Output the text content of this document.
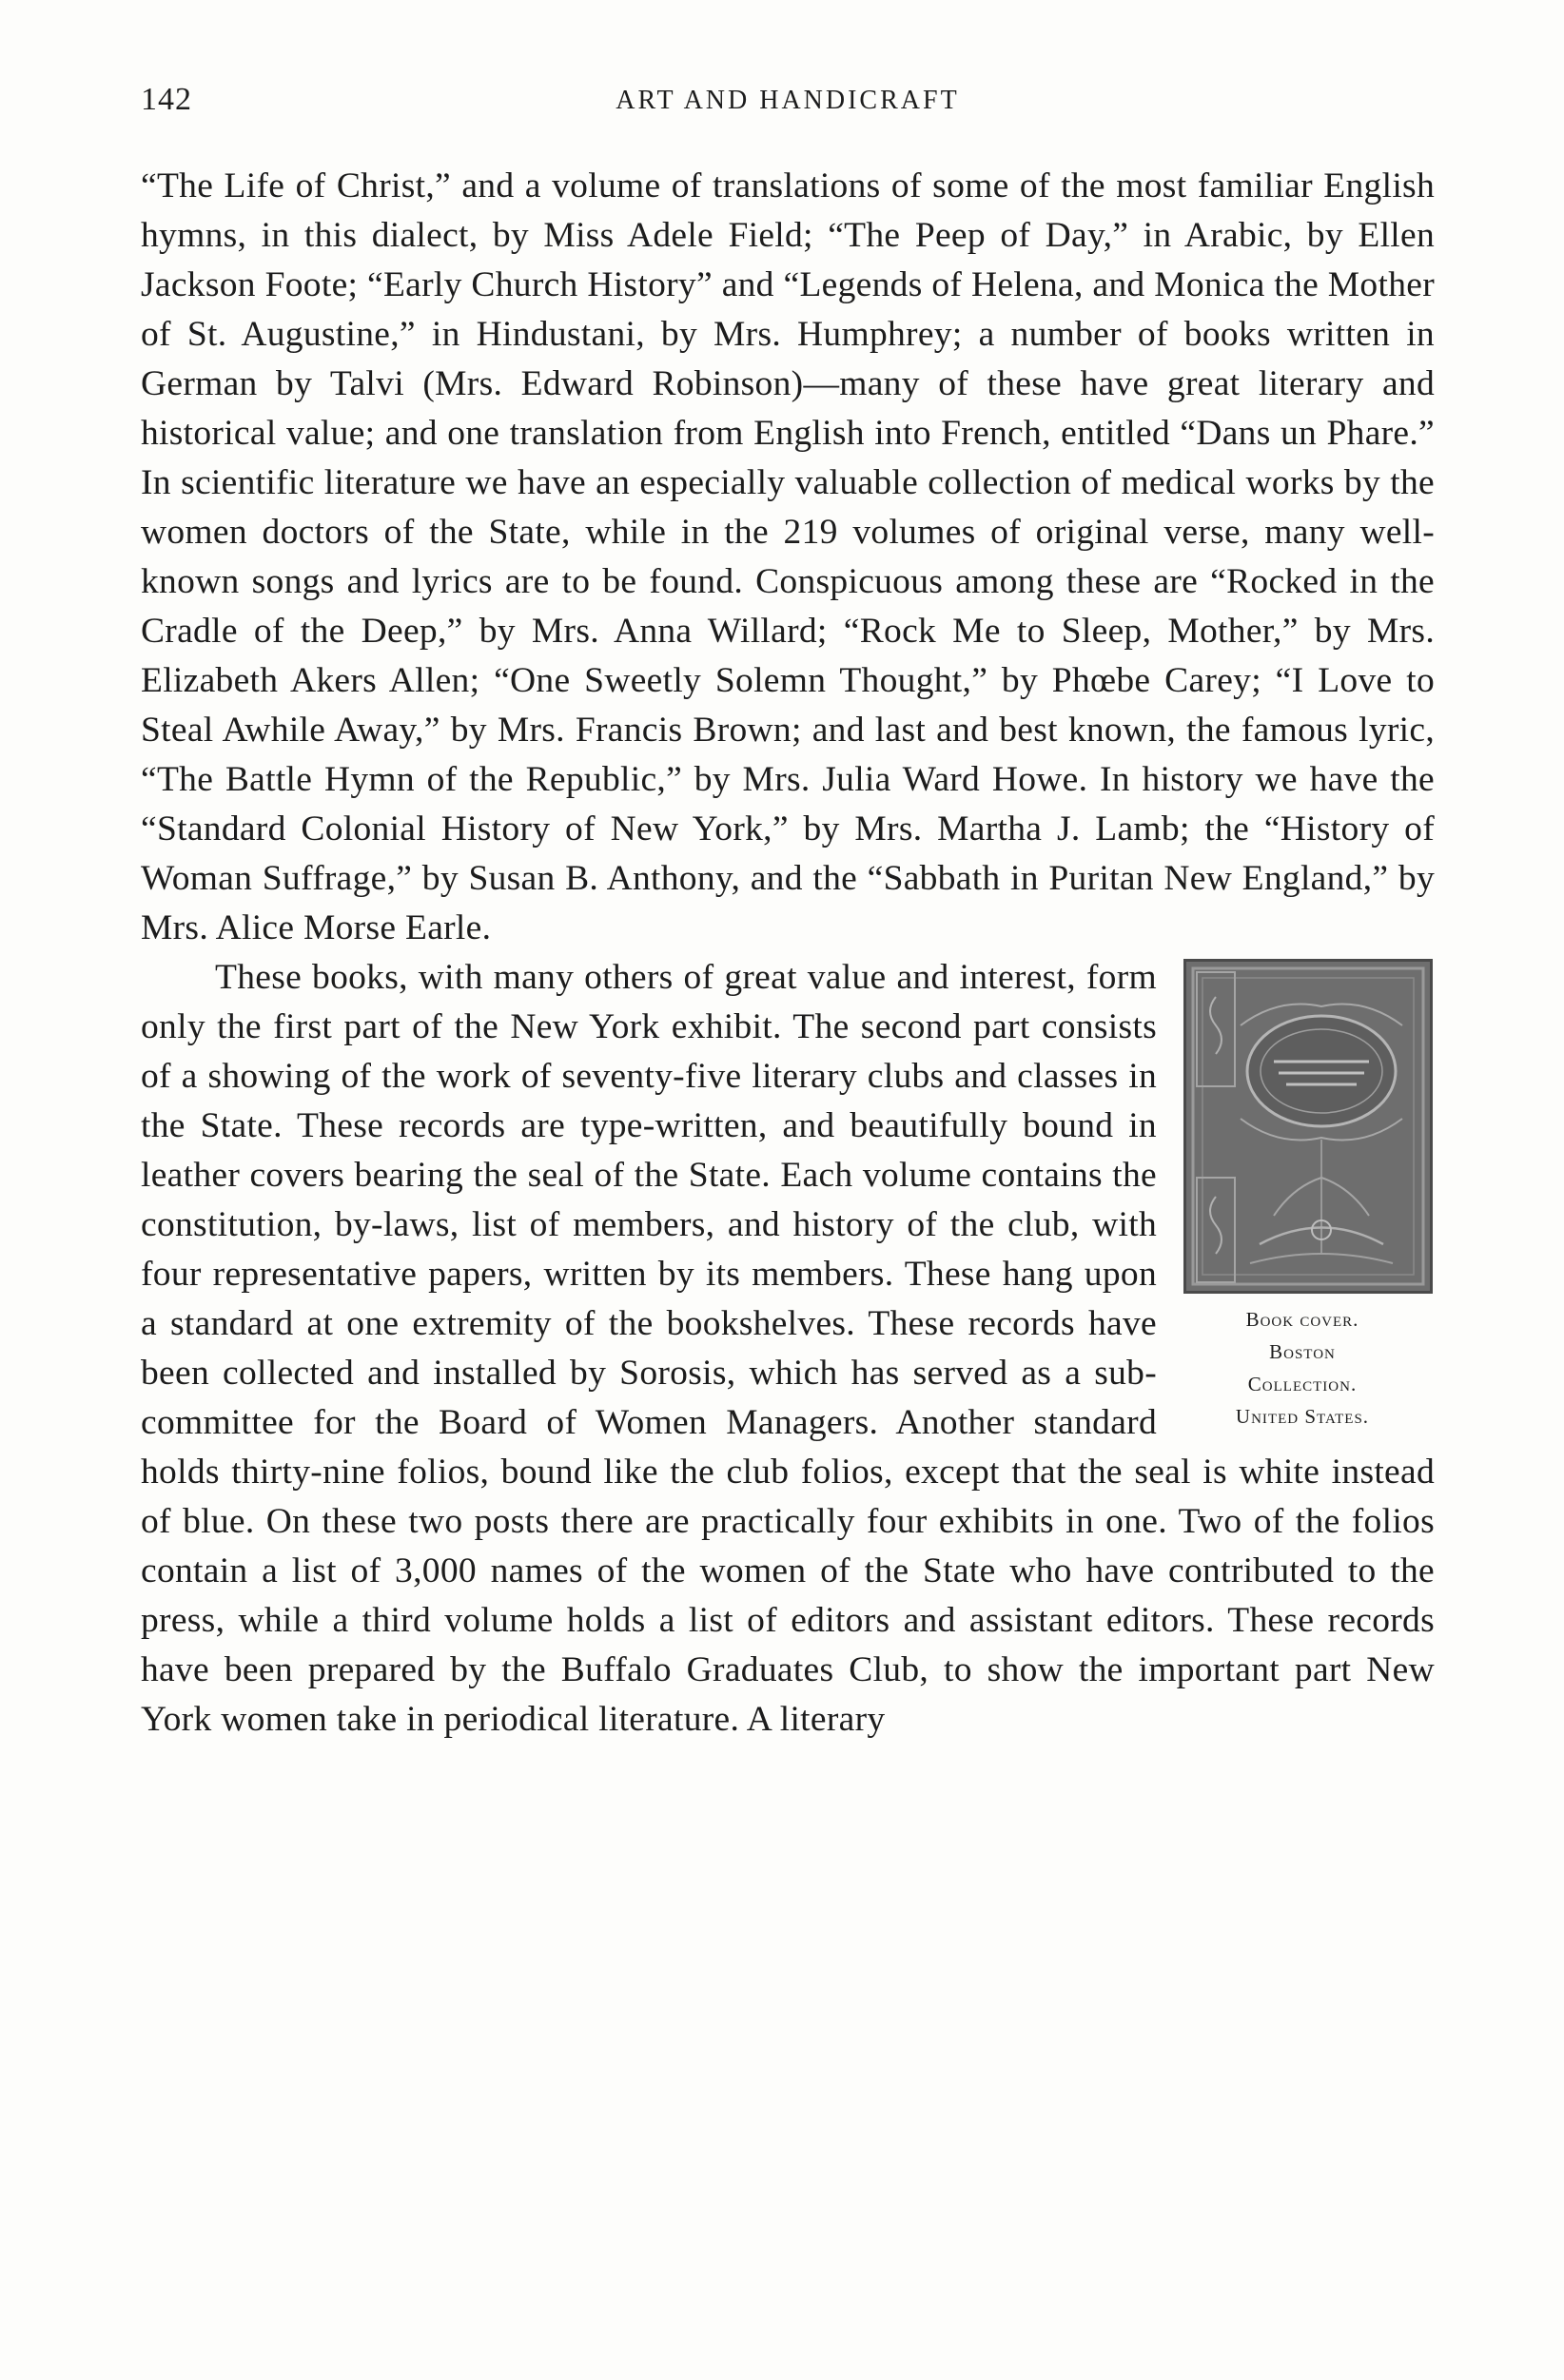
142	ART AND HANDICRAFT

“The Life of Christ,” and a volume of translations of some of the most familiar English hymns, in this dialect, by Miss Adele Field; “The Peep of Day,” in Arabic, by Ellen Jackson Foote; “Early Church History” and “Legends of Helena, and Monica the Mother of St. Augustine,” in Hindustani, by Mrs. Humphrey; a number of books written in German by Talvi (Mrs. Edward Robinson)—many of these have great literary and historical value; and one translation from English into French, entitled “Dans un Phare.” In scientific literature we have an especially valuable collection of medical works by the women doctors of the State, while in the 219 volumes of original verse, many well-known songs and lyrics are to be found. Conspicuous among these are “Rocked in the Cradle of the Deep,” by Mrs. Anna Willard; “Rock Me to Sleep, Mother,” by Mrs. Elizabeth Akers Allen; “One Sweetly Solemn Thought,” by Phœbe Carey; “I Love to Steal Awhile Away,” by Mrs. Francis Brown; and last and best known, the famous lyric, “The Battle Hymn of the Republic,” by Mrs. Julia Ward Howe. In history we have the “Standard Colonial History of New York,” by Mrs. Martha J. Lamb; the “History of Woman Suffrage,” by Susan B. Anthony, and the “Sabbath in Puritan New England,” by Mrs. Alice Morse Earle.

Book cover.
Boston
Collection.
United States.

These books, with many others of great value and interest, form only the first part of the New York exhibit. The second part consists of a showing of the work of seventy-five literary clubs and classes in the State. These records are type-written, and beautifully bound in leather covers bearing the seal of the State. Each volume contains the constitution, by-laws, list of members, and history of the club, with four representative papers, written by its members. These hang upon a standard at one extremity of the bookshelves. These records have been collected and installed by Sorosis, which has served as a sub-committee for the Board of Women Managers. Another standard holds thirty-nine folios, bound like the club folios, except that the seal is white instead of blue. On these two posts there are practically four exhibits in one. Two of the folios contain a list of 3,000 names of the women of the State who have contributed to the press, while a third volume holds a list of editors and assistant editors. These records have been prepared by the Buffalo Graduates Club, to show the important part New York women take in periodical literature. A literary
